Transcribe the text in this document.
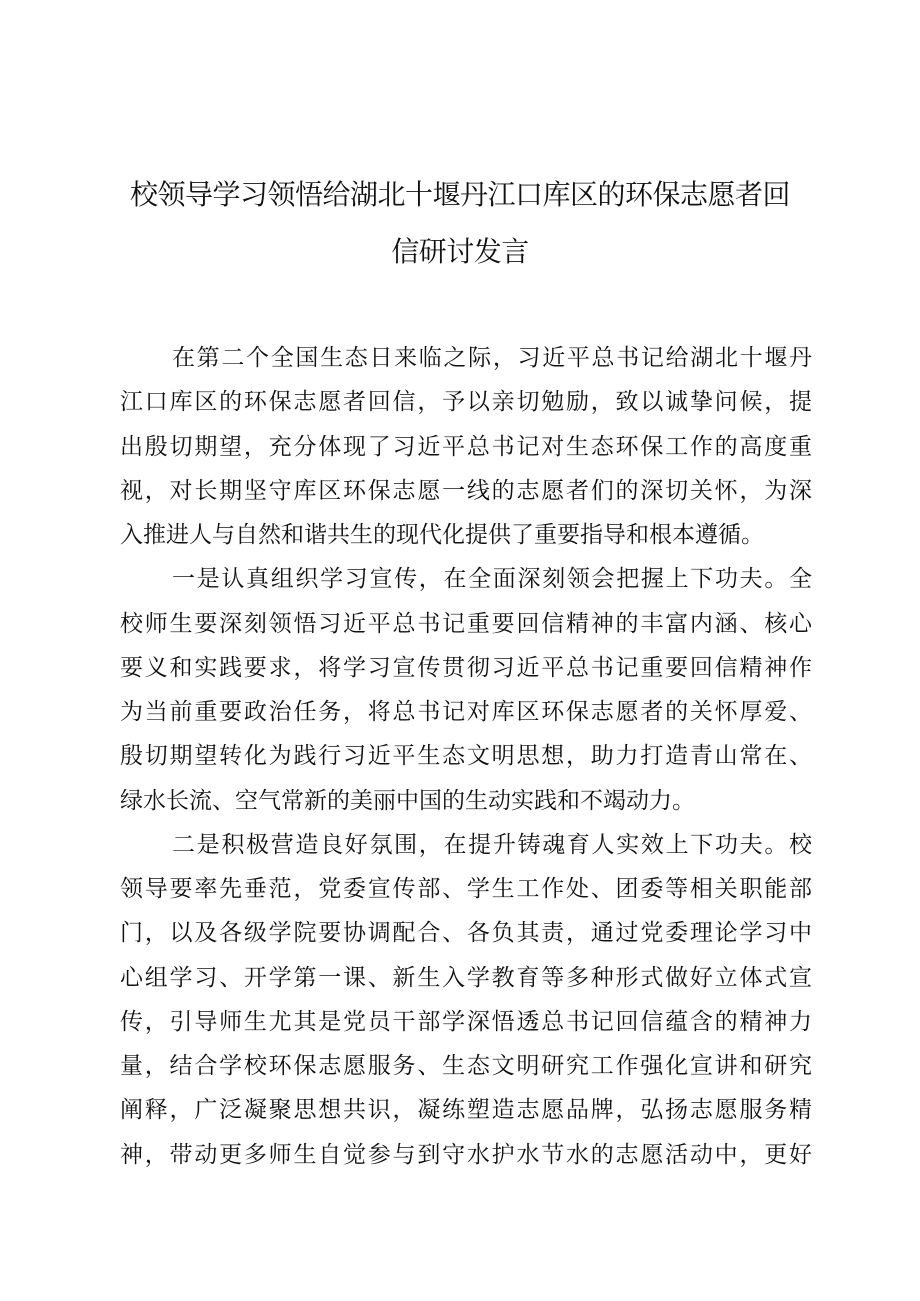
校领导学习领悟给湖北十堰丹江口库区的环保志愿者回
信研讨发言
在第二个全国生态日来临之际，习近平总书记给湖北十堰丹
江口库区的环保志愿者回信，予以亲切勉励，致以诚挚问候，提
出殷切期望，充分体现了习近平总书记对生态环保工作的高度重
视，对长期坚守库区环保志愿一线的志愿者们的深切关怀，为深
入推进人与自然和谐共生的现代化提供了重要指导和根本遵循。
一是认真组织学习宣传，在全面深刻领会把握上下功夫。全
校师生要深刻领悟习近平总书记重要回信精神的丰富内涵、核心
要义和实践要求，将学习宣传贯彻习近平总书记重要回信精神作
为当前重要政治任务，将总书记对库区环保志愿者的关怀厚爱、
殷切期望转化为践行习近平生态文明思想，助力打造青山常在、
绿水长流、空气常新的美丽中国的生动实践和不竭动力。
二是积极营造良好氛围，在提升铸魂育人实效上下功夫。校
领导要率先垂范，党委宣传部、学生工作处、团委等相关职能部
门，以及各级学院要协调配合、各负其责，通过党委理论学习中
心组学习、开学第一课、新生入学教育等多种形式做好立体式宣
传，引导师生尤其是党员干部学深悟透总书记回信蕴含的精神力
量，结合学校环保志愿服务、生态文明研究工作强化宣讲和研究
阐释，广泛凝聚思想共识，凝练塑造志愿品牌，弘扬志愿服务精
神，带动更多师生自觉参与到守水护水节水的志愿活动中，更好
